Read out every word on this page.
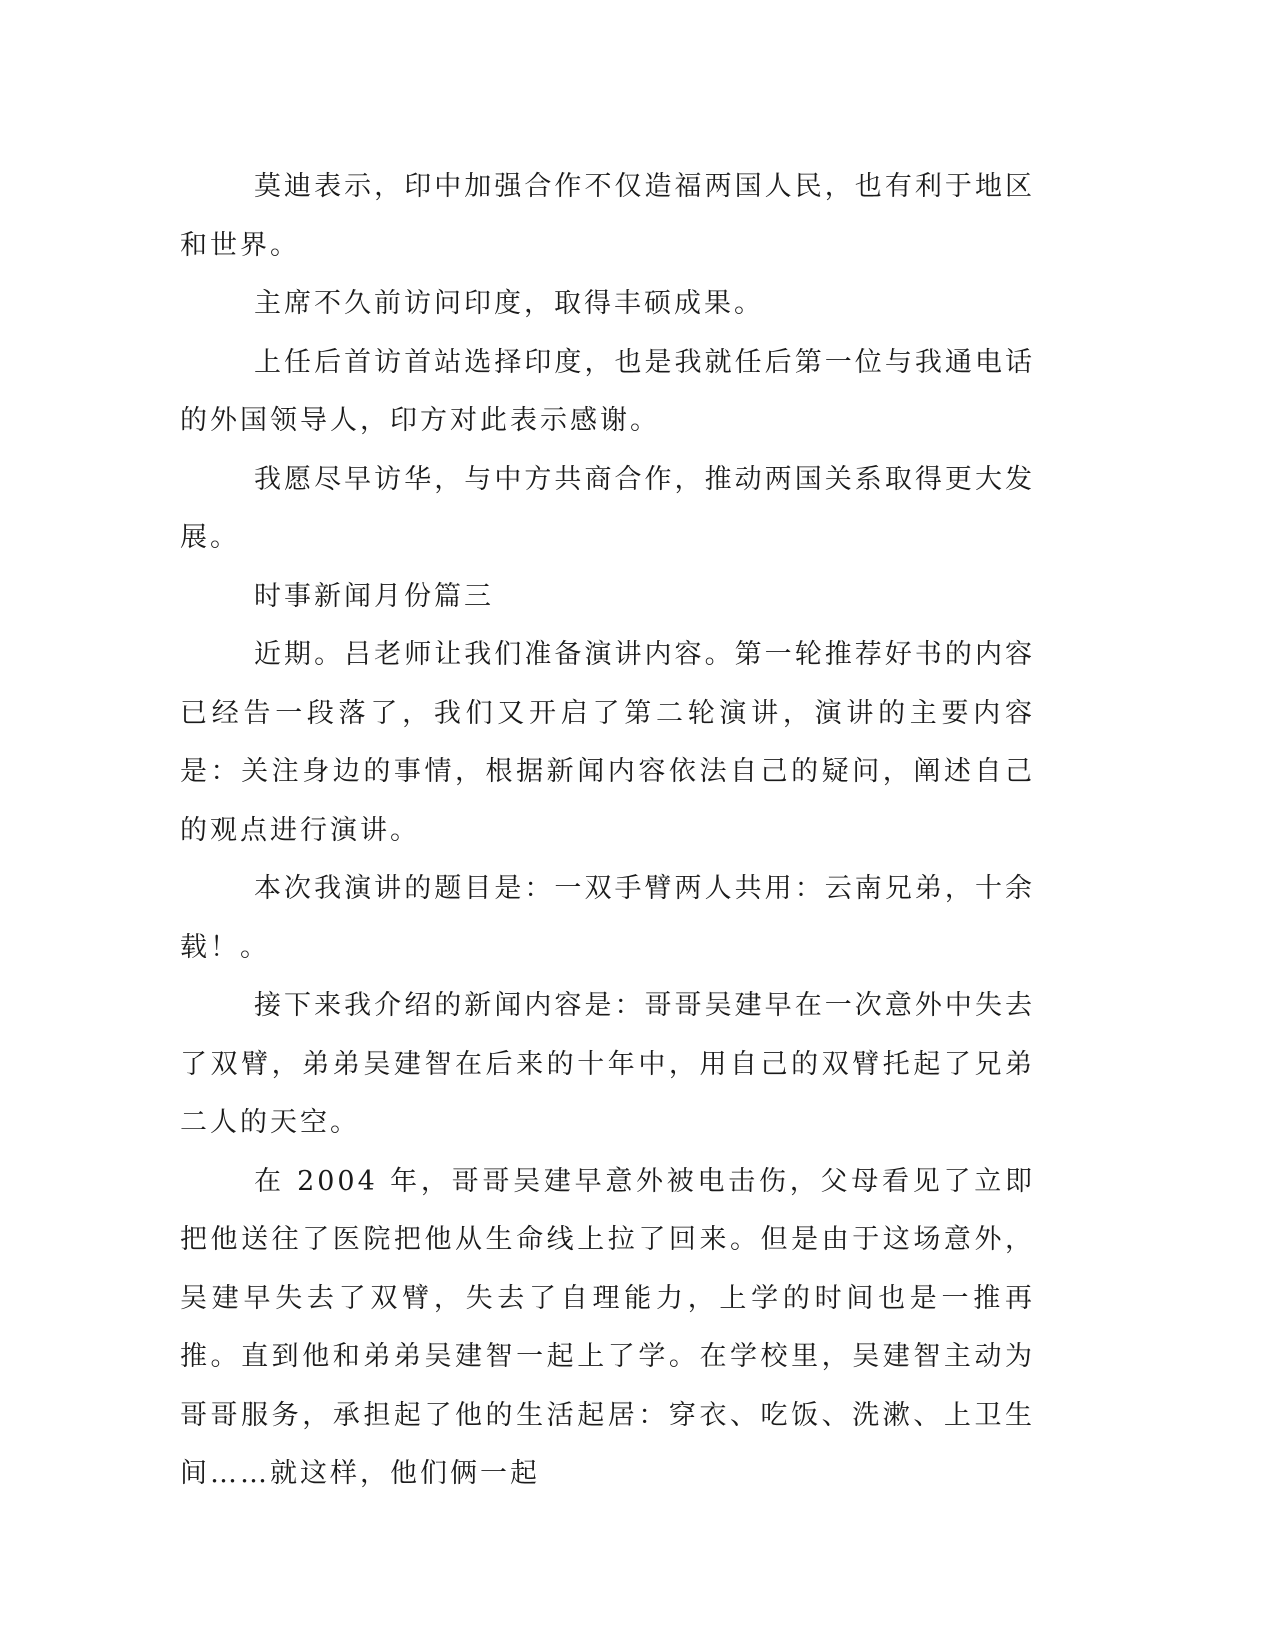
莫迪表示，印中加强合作不仅造福两国人民，也有利于地区和世界。

主席不久前访问印度，取得丰硕成果。

上任后首访首站选择印度，也是我就任后第一位与我通电话的外国领导人，印方对此表示感谢。

我愿尽早访华，与中方共商合作，推动两国关系取得更大发展。

时事新闻月份篇三

近期。吕老师让我们准备演讲内容。第一轮推荐好书的内容已经告一段落了，我们又开启了第二轮演讲，演讲的主要内容是：关注身边的事情，根据新闻内容依法自己的疑问，阐述自己的观点进行演讲。

本次我演讲的题目是：一双手臂两人共用：云南兄弟，十余载！。

接下来我介绍的新闻内容是：哥哥吴建早在一次意外中失去了双臂，弟弟吴建智在后来的十年中，用自己的双臂托起了兄弟二人的天空。

在 2004 年，哥哥吴建早意外被电击伤，父母看见了立即把他送往了医院把他从生命线上拉了回来。但是由于这场意外，吴建早失去了双臂，失去了自理能力，上学的时间也是一推再推。直到他和弟弟吴建智一起上了学。在学校里，吴建智主动为哥哥服务，承担起了他的生活起居：穿衣、吃饭、洗漱、上卫生间……就这样，他们俩一起
